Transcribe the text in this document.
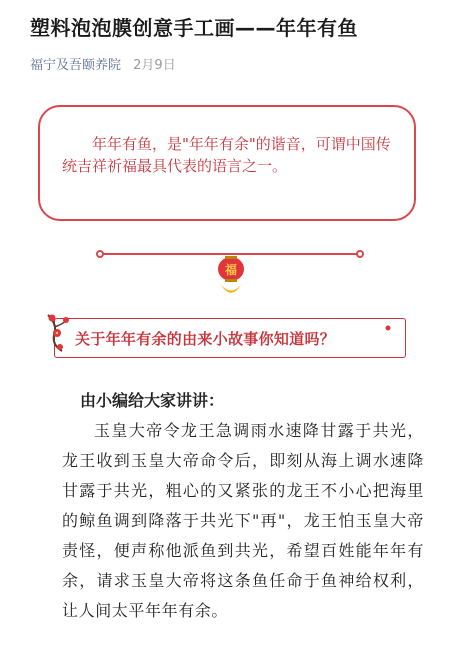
塑料泡泡膜创意手工画——年年有鱼
福宁及吾颐养院 2月9日

年年有鱼，是"年年有余"的谐音，可谓中国传统吉祥祈福最具代表的语言之一。

福
关于年年有余的由来小故事你知道吗？

由小编给大家讲讲：

玉皇大帝令龙王急调雨水速降甘露于共光，龙王收到玉皇大帝命令后，即刻从海上调水速降甘露于共光，粗心的又紧张的龙王不小心把海里的鲸鱼调到降落于共光下"再"，龙王怕玉皇大帝责怪，便声称他派鱼到共光，希望百姓能年年有余，请求玉皇大帝将这条鱼任命于鱼神给权利，让人间太平年年有余。
